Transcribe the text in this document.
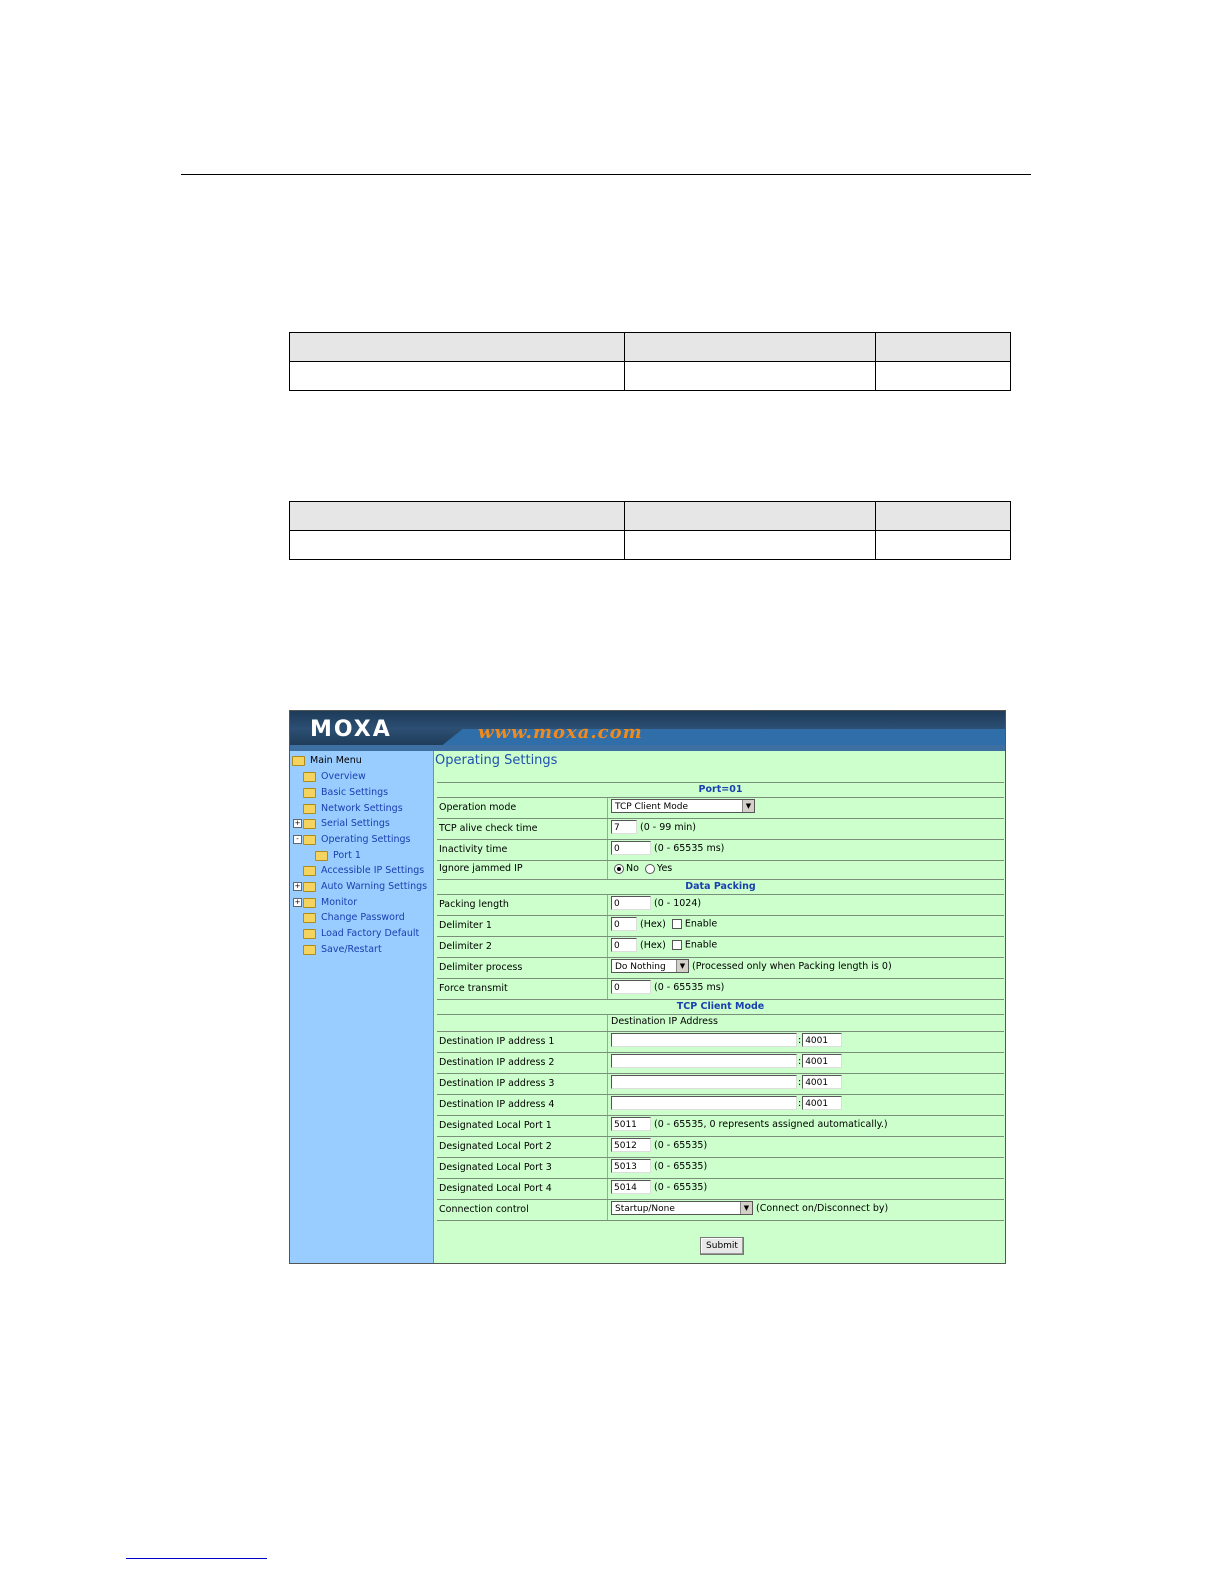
MOXA	www.moxa.com
Main Menu
Overview
Basic Settings
Network Settings
+ Serial Settings
- Operating Settings
Port 1
Accessible IP Settings
+ Auto Warning Settings
+ Monitor
Change Password
Load Factory Default
Save/Restart
Operating Settings
Port=01
Operation mode	TCP Client Mode	▼
TCP alive check time	7 (0 - 99 min)
Inactivity time	0	(0 - 65535 ms)
Ignore jammed IP	No Yes
Data Packing
Packing length	0	(0 - 1024)
Delimiter 1	0 (Hex) Enable
Delimiter 2	0 (Hex) Enable
Delimiter process	Do Nothing	▼ (Processed only when Packing length is 0)
Force transmit	0	(0 - 65535 ms)
TCP Client Mode
Destination IP Address
Destination IP address 1	: 4001
Destination IP address 2	: 4001
Destination IP address 3	: 4001
Destination IP address 4	: 4001
Designated Local Port 1	5011 (0 - 65535, 0 represents assigned automatically.)
Designated Local Port 2	5012 (0 - 65535)
Designated Local Port 3	5013 (0 - 65535)
Designated Local Port 4	5014 (0 - 65535)
Connection control	Startup/None	▼ (Connect on/Disconnect by)
Submit
